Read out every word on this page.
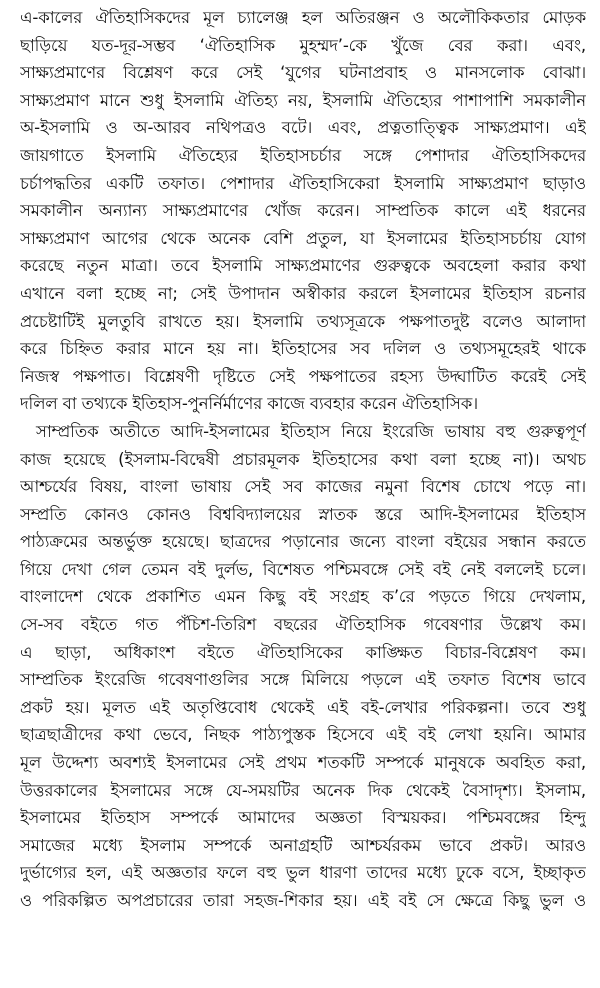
এ-কালের ঐতিহাসিকদের মূল চ্যালেঞ্জ হল অতিরঞ্জন ও অলৌকিকতার মোড়ক
ছাড়িয়ে যত-দূর-সম্ভব ‘ঐতিহাসিক মুহম্মদ’-কে খুঁজে বের করা। এবং,
সাক্ষ্যপ্রমাণের বিশ্লেষণ করে সেই ‘যুগের ঘটনাপ্রবাহ ও মানসলোক বোঝা।
সাক্ষ্যপ্রমাণ মানে শুধু ইসলামি ঐতিহ্য নয়, ইসলামি ঐতিহ্যের পাশাপাশি সমকালীন
অ-ইসলামি ও অ-আরব নথিপত্রও বটে। এবং, প্রত্নতাত্ত্বিক সাক্ষ্যপ্রমাণ। এই
জায়গাতে ইসলামি ঐতিহ্যের ইতিহাসচর্চার সঙ্গে পেশাদার ঐতিহাসিকদের
চর্চাপদ্ধতির একটি তফাত। পেশাদার ঐতিহাসিকেরা ইসলামি সাক্ষ্যপ্রমাণ ছাড়াও
সমকালীন অন্যান্য সাক্ষ্যপ্রমাণের খোঁজ করেন। সাম্প্রতিক কালে এই ধরনের
সাক্ষ্যপ্রমাণ আগের থেকে অনেক বেশি প্রতুল, যা ইসলামের ইতিহাসচর্চায় যোগ
করেছে নতুন মাত্রা। তবে ইসলামি সাক্ষ্যপ্রমাণের গুরুত্বকে অবহেলা করার কথা
এখানে বলা হচ্ছে না; সেই উপাদান অস্বীকার করলে ইসলামের ইতিহাস রচনার
প্রচেষ্টাটিই মুলতুবি রাখতে হয়। ইসলামি তথ্যসূত্রকে পক্ষপাতদুষ্ট বলেও আলাদা
করে চিহ্নিত করার মানে হয় না। ইতিহাসের সব দলিল ও তথ্যসমূহেরই থাকে
নিজস্ব পক্ষপাত। বিশ্লেষণী দৃষ্টিতে সেই পক্ষপাতের রহস্য উদ্ঘাটিত করেই সেই
দলিল বা তথ্যকে ইতিহাস-পুনর্নির্মাণের কাজে ব্যবহার করেন ঐতিহাসিক।
সাম্প্রতিক অতীতে আদি-ইসলামের ইতিহাস নিয়ে ইংরেজি ভাষায় বহু গুরুত্বপূর্ণ
কাজ হয়েছে (ইসলাম-বিদ্বেষী প্রচারমূলক ইতিহাসের কথা বলা হচ্ছে না)। অথচ
আশ্চর্যের বিষয়, বাংলা ভাষায় সেই সব কাজের নমুনা বিশেষ চোখে পড়ে না।
সম্প্রতি কোনও কোনও বিশ্ববিদ্যালয়ের স্নাতক স্তরে আদি-ইসলামের ইতিহাস
পাঠ্যক্রমের অন্তর্ভুক্ত হয়েছে। ছাত্রদের পড়ানোর জন্যে বাংলা বইয়ের সন্ধান করতে
গিয়ে দেখা গেল তেমন বই দুর্লভ, বিশেষত পশ্চিমবঙ্গে সেই বই নেই বললেই চলে।
বাংলাদেশ থেকে প্রকাশিত এমন কিছু বই সংগ্রহ ক’রে পড়তে গিয়ে দেখলাম,
সে-সব বইতে গত পঁচিশ-তিরিশ বছরের ঐতিহাসিক গবেষণার উল্লেখ কম।
এ ছাড়া, অধিকাংশ বইতে ঐতিহাসিকের কাঙ্ক্ষিত বিচার-বিশ্লেষণ কম।
সাম্প্রতিক ইংরেজি গবেষণাগুলির সঙ্গে মিলিয়ে পড়লে এই তফাত বিশেষ ভাবে
প্রকট হয়। মূলত এই অতৃপ্তিবোধ থেকেই এই বই-লেখার পরিকল্পনা। তবে শুধু
ছাত্রছাত্রীদের কথা ভেবে, নিছক পাঠ্যপুস্তক হিসেবে এই বই লেখা হয়নি। আমার
মূল উদ্দেশ্য অবশ্যই ইসলামের সেই প্রথম শতকটি সম্পর্কে মানুষকে অবহিত করা,
উত্তরকালের ইসলামের সঙ্গে যে-সময়টির অনেক দিক থেকেই বৈসাদৃশ্য। ইসলাম,
ইসলামের ইতিহাস সম্পর্কে আমাদের অজ্ঞতা বিস্ময়কর। পশ্চিমবঙ্গের হিন্দু
সমাজের মধ্যে ইসলাম সম্পর্কে অনাগ্রহটি আশ্চর্যরকম ভাবে প্রকট। আরও
দুর্ভাগ্যের হল, এই অজ্ঞতার ফলে বহু ভুল ধারণা তাদের মধ্যে ঢুকে বসে, ইচ্ছাকৃত
ও পরিকল্পিত অপপ্রচারের তারা সহজ-শিকার হয়। এই বই সে ক্ষেত্রে কিছু ভুল ও
